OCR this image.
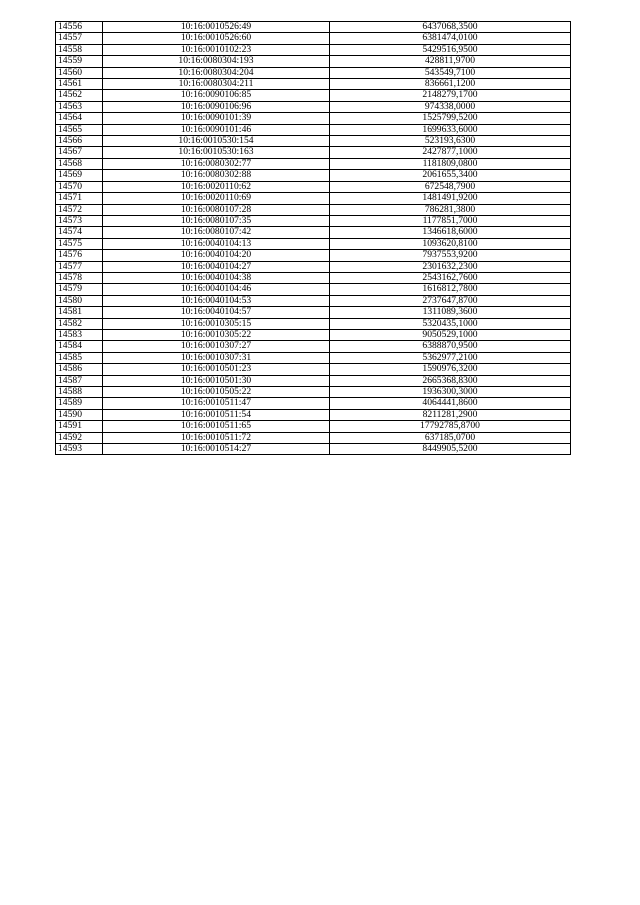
14556	10:16:0010526:49	6437068,3500
14557	10:16:0010526:60	6381474,0100
14558	10:16:0010102:23	5429516,9500
14559	10:16:0080304:193	428811,9700
14560	10:16:0080304:204	543549,7100
14561	10:16:0080304:211	836661,1200
14562	10:16:0090106:85	2148279,1700
14563	10:16:0090106:96	974338,0000
14564	10:16:0090101:39	1525799,5200
14565	10:16:0090101:46	1699633,6000
14566	10:16:0010530:154	523193,6300
14567	10:16:0010530:163	2427877,1000
14568	10:16:0080302:77	1181809,0800
14569	10:16:0080302:88	2061655,3400
14570	10:16:0020110:62	672548,7900
14571	10:16:0020110:69	1481491,9200
14572	10:16:0080107:28	786281,3800
14573	10:16:0080107:35	1177851,7000
14574	10:16:0080107:42	1346618,6000
14575	10:16:0040104:13	1093620,8100
14576	10:16:0040104:20	7937553,9200
14577	10:16:0040104:27	2301632,2300
14578	10:16:0040104:38	2543162,7600
14579	10:16:0040104:46	1616812,7800
14580	10:16:0040104:53	2737647,8700
14581	10:16:0040104:57	1311089,3600
14582	10:16:0010305:15	5320435,1000
14583	10:16:0010305:22	9050529,1000
14584	10:16:0010307:27	6388870,9500
14585	10:16:0010307:31	5362977,2100
14586	10:16:0010501:23	1590976,3200
14587	10:16:0010501:30	2665368,8300
14588	10:16:0010505:22	1936300,3000
14589	10:16:0010511:47	4064441,8600
14590	10:16:0010511:54	8211281,2900
14591	10:16:0010511:65	17792785,8700
14592	10:16:0010511:72	637185,0700
14593	10:16:0010514:27	8449905,5200
